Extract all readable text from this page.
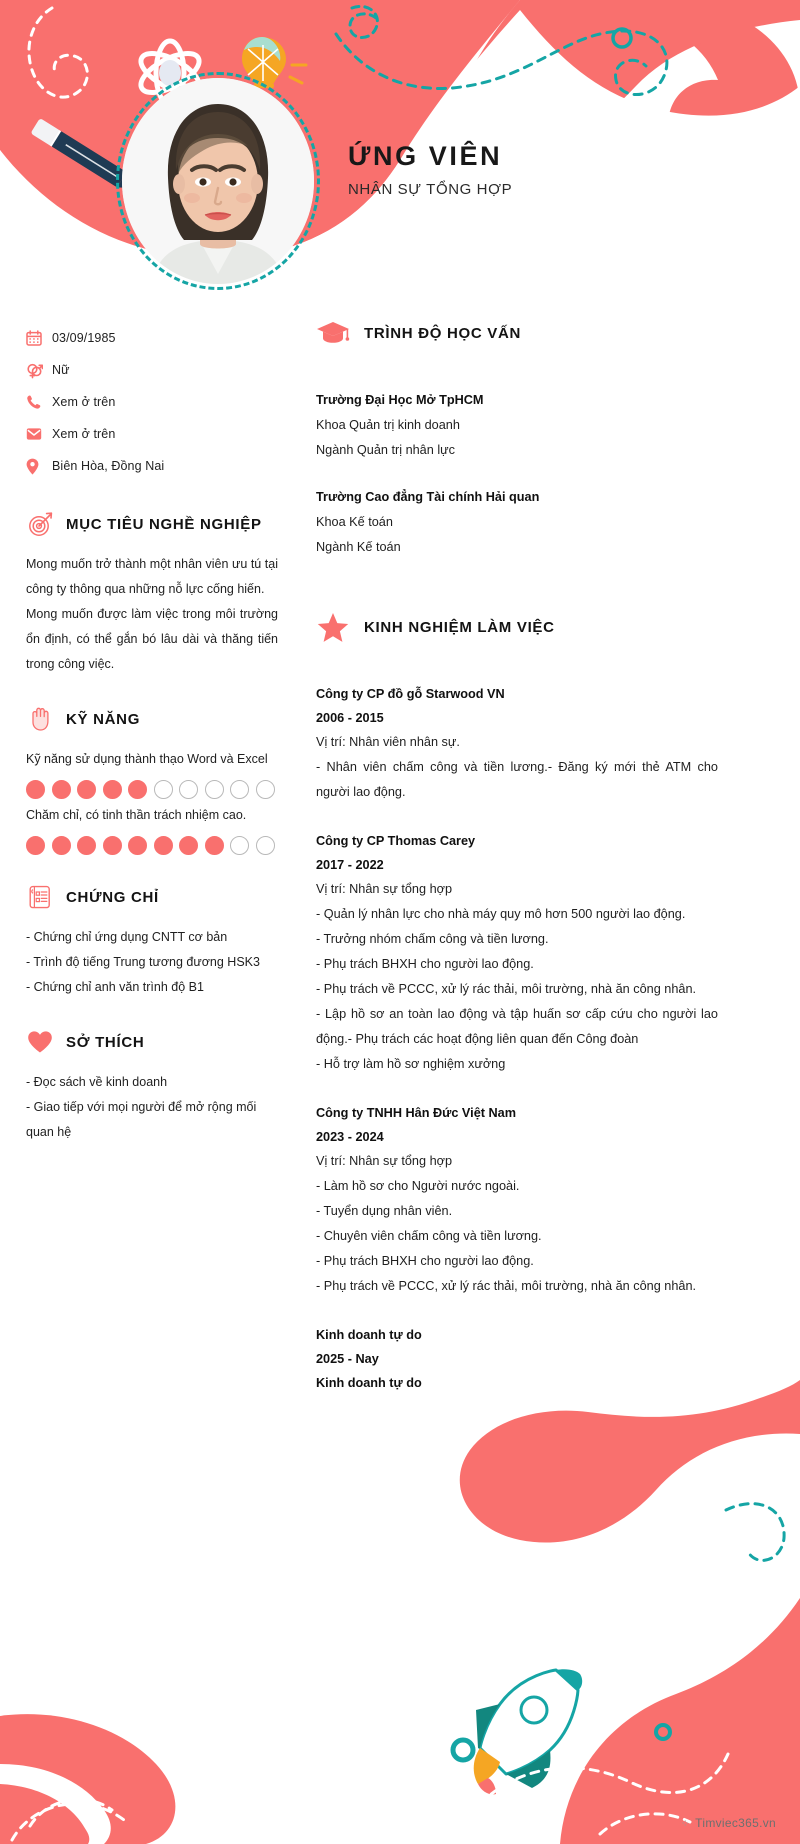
ỨNG VIÊN
NHÂN SỰ TỔNG HỢP
03/09/1985
Nữ
Xem ở trên
Xem ở trên
Biên Hòa, Đồng Nai
MỤC TIÊU NGHỀ NGHIỆP
Mong muốn trở thành một nhân viên ưu tú tại công ty thông qua những nỗ lực cống hiến.
Mong muốn được làm việc trong môi trường ổn định, có thể gắn bó lâu dài và thăng tiến trong công việc.
KỸ NĂNG
Kỹ năng sử dụng thành thạo Word và Excel
Chăm chỉ, có tinh thần trách nhiệm cao.
CHỨNG CHỈ
- Chứng chỉ ứng dụng CNTT cơ bản
- Trình độ tiếng Trung tương đương HSK3
- Chứng chỉ anh văn trình độ B1
SỞ THÍCH
- Đọc sách về kinh doanh
- Giao tiếp với mọi người để mở rộng mối quan hệ
TRÌNH ĐỘ HỌC VẤN
Trường Đại Học Mở TpHCM
Khoa Quản trị kinh doanh
Ngành Quản trị nhân lực
Trường Cao đẳng Tài chính Hải quan
Khoa Kế toán
Ngành Kế toán
KINH NGHIỆM LÀM VIỆC
Công ty CP đồ gỗ Starwood VN
2006 - 2015
Vị trí: Nhân viên nhân sự.
- Nhân viên chấm công và tiền lương.- Đăng ký mới thẻ ATM cho người lao động.
Công ty CP Thomas Carey
2017 - 2022
Vị trí: Nhân sự tổng hợp
- Quản lý nhân lực cho nhà máy quy mô hơn 500 người lao động.
- Trưởng nhóm chấm công và tiền lương.
- Phụ trách BHXH cho người lao động.
- Phụ trách về PCCC, xử lý rác thải, môi trường, nhà ăn công nhân.
- Lập hồ sơ an toàn lao động và tập huấn sơ cấp cứu cho người lao động.- Phụ trách các hoạt động liên quan đến Công đoàn
- Hỗ trợ làm hồ sơ nghiệm xưởng
Công ty TNHH Hân Đức Việt Nam
2023 - 2024
Vị trí: Nhân sự tổng hợp
- Làm hồ sơ cho Người nước ngoài.
- Tuyển dụng nhân viên.
- Chuyên viên chấm công và tiền lương.
- Phụ trách BHXH cho người lao động.
- Phụ trách về PCCC, xử lý rác thải, môi trường, nhà ăn công nhân.
Kinh doanh tự do
2025 - Nay
Kinh doanh tự do
⁘ Timviec365.vn
